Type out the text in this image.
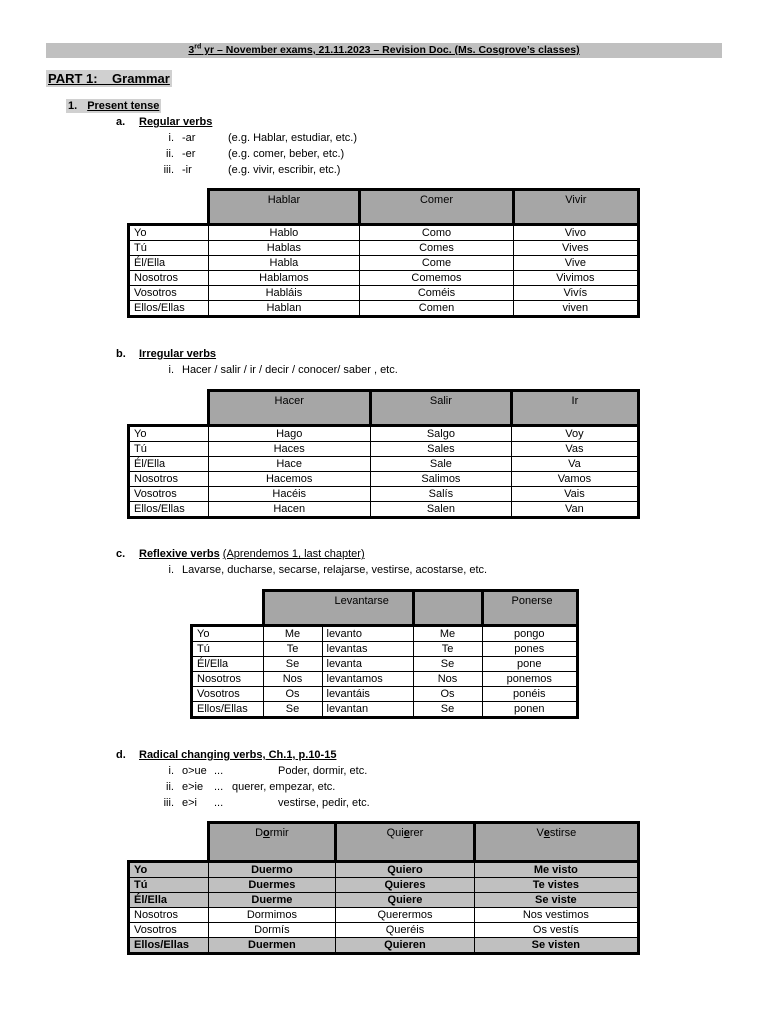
3rd yr – November exams, 21.11.2023 – Revision Doc. (Ms. Cosgrove’s classes)
PART 1:    Grammar
1. Present tense
a. Regular verbs
i. -ar	(e.g. Hablar, estudiar, etc.)
ii. -er	(e.g. comer, beber, etc.)
iii. -ir	(e.g. vivir, escribir, etc.)
	Hablar	Comer	Vivir
Yo	Hablo	Como	Vivo
Tú	Hablas	Comes	Vives
Él/Ella	Habla	Come	Vive
Nosotros	Hablamos	Comemos	Vivimos
Vosotros	Habláis	Coméis	Vivís
Ellos/Ellas	Hablan	Comen	viven
b. Irregular verbs
i. Hacer / salir / ir / decir / conocer/ saber , etc.
	Hacer	Salir	Ir
Yo	Hago	Salgo	Voy
Tú	Haces	Sales	Vas
Él/Ella	Hace	Sale	Va
Nosotros	Hacemos	Salimos	Vamos
Vosotros	Hacéis	Salís	Vais
Ellos/Ellas	Hacen	Salen	Van
c. Reflexive verbs (Aprendemos 1, last chapter)
i. Lavarse, ducharse, secarse, relajarse, vestirse, acostarse, etc.
	Levantarse			Ponerse
Yo	Me	levanto	Me	pongo
Tú	Te	levantas	Te	pones
Él/Ella	Se	levanta	Se	pone
Nosotros	Nos	levantamos	Nos	ponemos
Vosotros	Os	levantáis	Os	ponéis
Ellos/Ellas	Se	levantan	Se	ponen
d. Radical changing verbs, Ch.1, p.10-15
i. o>ue ...	Poder, dormir, etc.
ii. e>ie ... querer, empezar, etc.
iii. e>i ...	vestirse, pedir, etc.
	Dormir	Quierer	Vestirse
Yo	Duermo	Quiero	Me visto
Tú	Duermes	Quieres	Te vistes
Él/Ella	Duerme	Quiere	Se viste
Nosotros	Dormimos	Querermos	Nos vestimos
Vosotros	Dormís	Queréis	Os vestís
Ellos/Ellas	Duermen	Quieren	Se visten
